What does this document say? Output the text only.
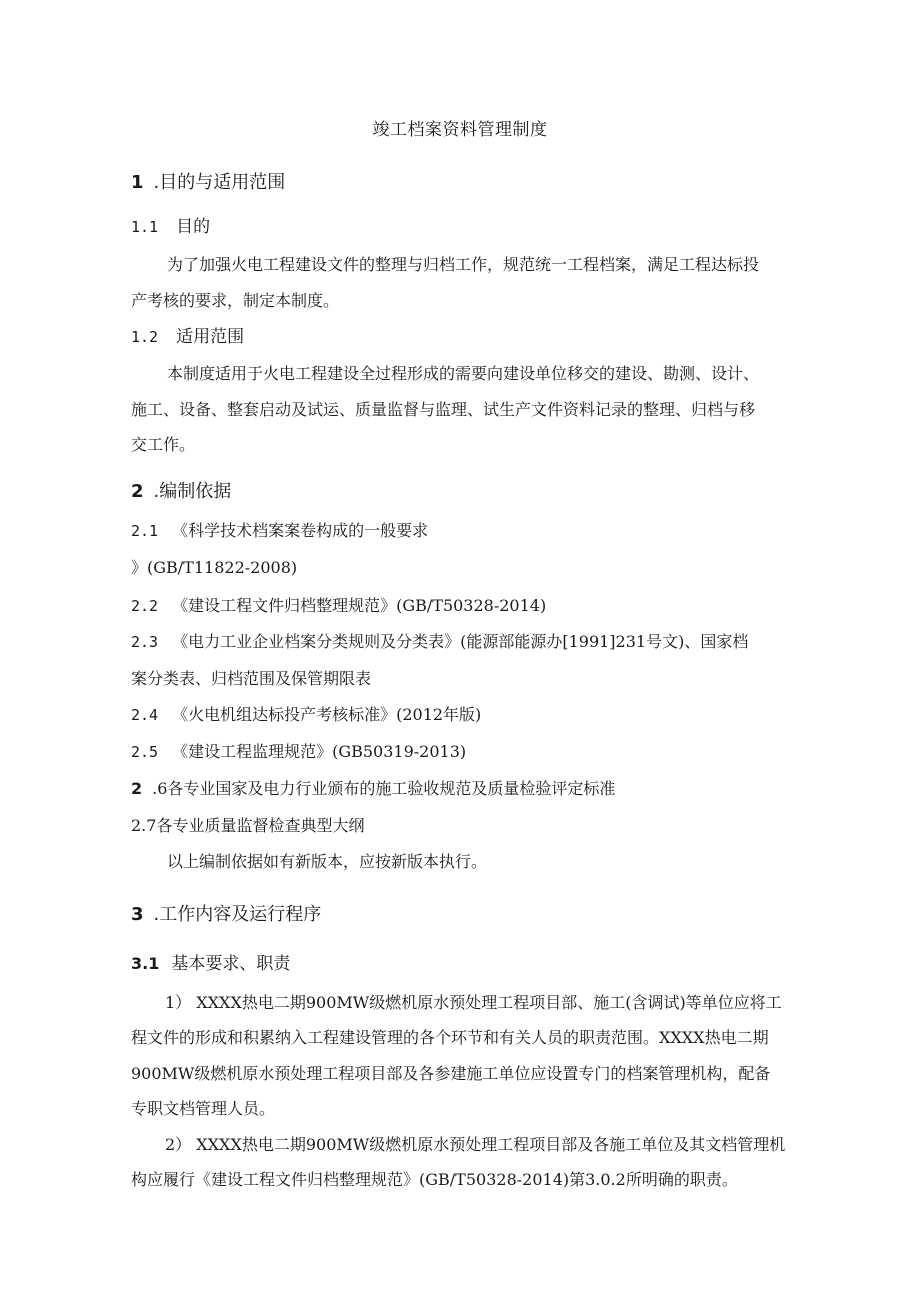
竣工档案资料管理制度
1 .目的与适用范围
1.1 目的
为了加强火电工程建设文件的整理与归档工作，规范统一工程档案，满足工程达标投
产考核的要求，制定本制度。
1.2 适用范围
本制度适用于火电工程建设全过程形成的需要向建设单位移交的建设、勘测、设计、
施工、设备、整套启动及试运、质量监督与监理、试生产文件资料记录的整理、归档与移
交工作。
2 .编制依据
2.1 《科学技术档案案卷构成的一般要求
》(GB/T11822-2008)
2.2 《建设工程文件归档整理规范》(GB/T50328-2014)
2.3 《电力工业企业档案分类规则及分类表》(能源部能源办[1991]231号文)、国家档
案分类表、归档范围及保管期限表
2.4 《火电机组达标投产考核标准》(2012年版)
2.5 《建设工程监理规范》(GB50319-2013)
2 .6各专业国家及电力行业颁布的施工验收规范及质量检验评定标准
2.7各专业质量监督检查典型大纲
以上编制依据如有新版本，应按新版本执行。
3 .工作内容及运行程序
3.1 基本要求、职责
1） XXXX热电二期900MW级燃机原水预处理工程项目部、施工(含调试)等单位应将工
程文件的形成和积累纳入工程建设管理的各个环节和有关人员的职责范围。XXXX热电二期
900MW级燃机原水预处理工程项目部及各参建施工单位应设置专门的档案管理机构，配备
专职文档管理人员。
2） XXXX热电二期900MW级燃机原水预处理工程项目部及各施工单位及其文档管理机
构应履行《建设工程文件归档整理规范》(GB/T50328-2014)第3.0.2所明确的职责。
